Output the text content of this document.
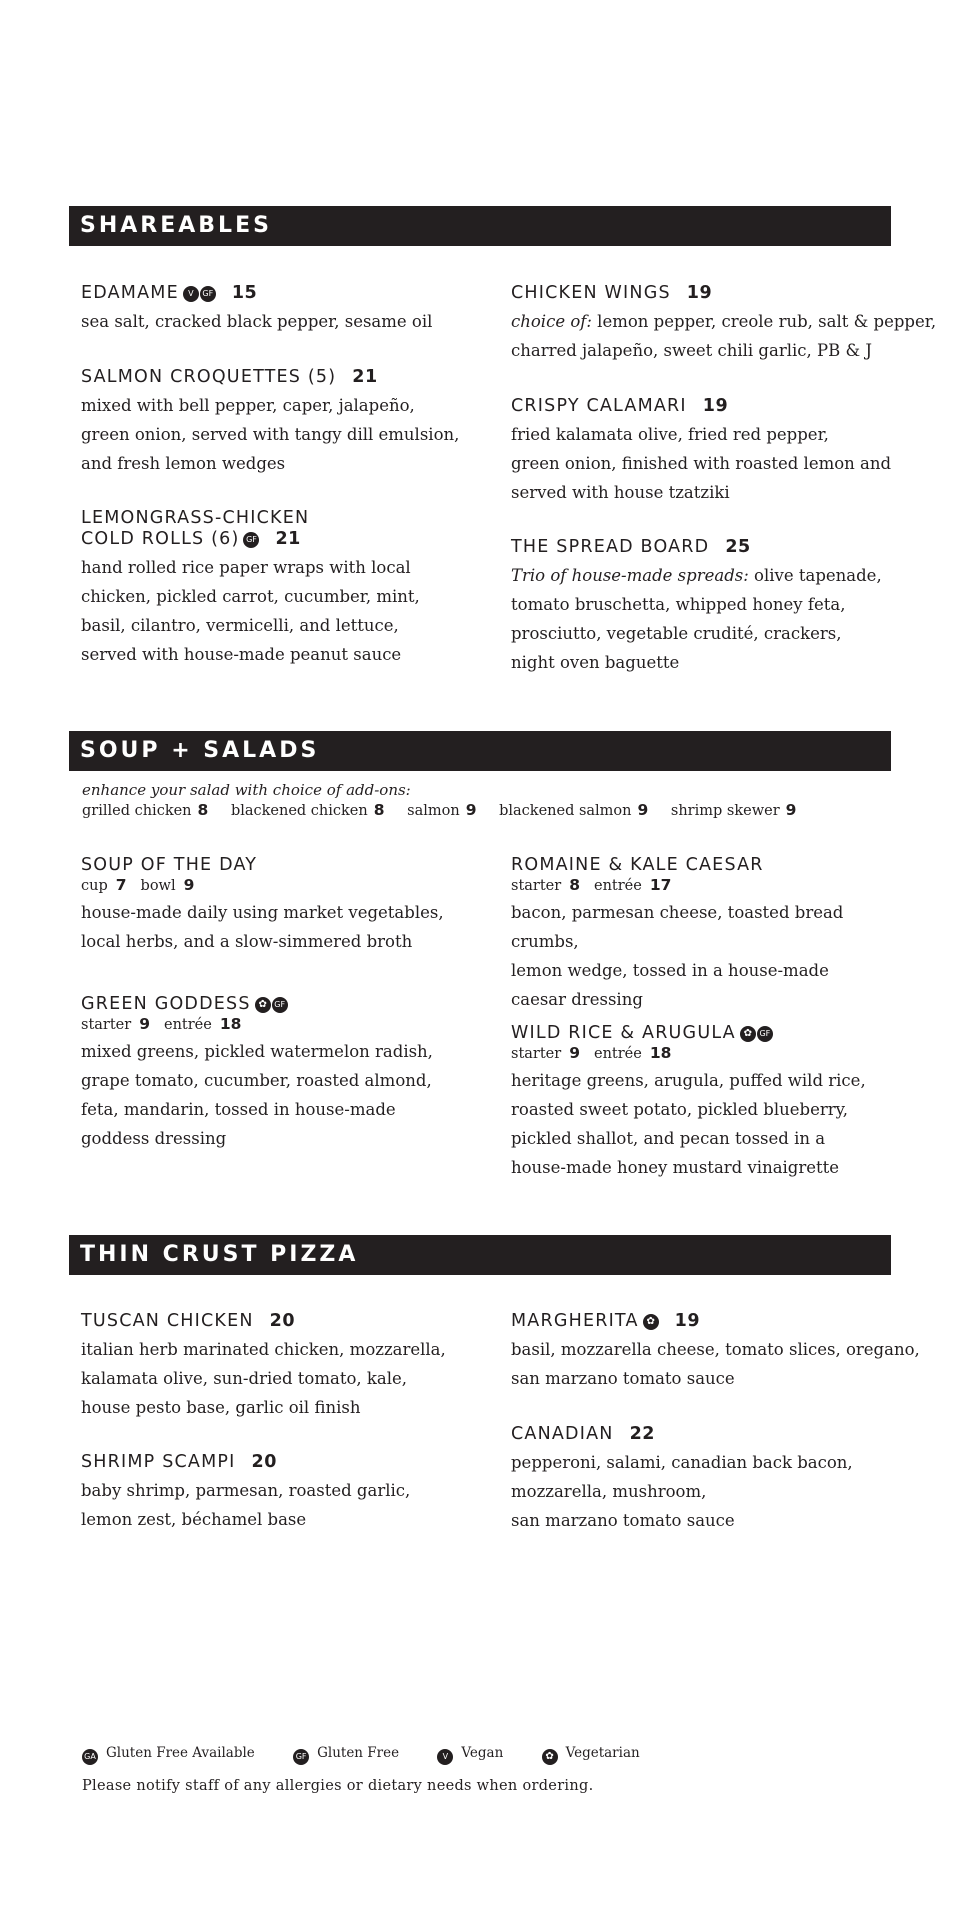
SHAREABLES
EDAMAME V GF 15
sea salt, cracked black pepper, sesame oil
SALMON CROQUETTES (5) 21
mixed with bell pepper, caper, jalapeño,
green onion, served with tangy dill emulsion,
and fresh lemon wedges
LEMONGRASS-CHICKEN
COLD ROLLS (6) GF 21
hand rolled rice paper wraps with local
chicken, pickled carrot, cucumber, mint,
basil, cilantro, vermicelli, and lettuce,
served with house-made peanut sauce
CHICKEN WINGS 19
choice of: lemon pepper, creole rub, salt & pepper,
charred jalapeño, sweet chili garlic, PB & J
CRISPY CALAMARI 19
fried kalamata olive, fried red pepper,
green onion, finished with roasted lemon and
served with house tzatziki
THE SPREAD BOARD 25
Trio of house-made spreads: olive tapenade,
tomato bruschetta, whipped honey feta,
prosciutto, vegetable crudité, crackers,
night oven baguette
SOUP + SALADS
enhance your salad with choice of add-ons:
grilled chicken 8 blackened chicken 8 salmon 9 blackened salmon 9 shrimp skewer 9
SOUP OF THE DAY
cup 7 bowl 9
house-made daily using market vegetables,
local herbs, and a slow-simmered broth
GREEN GODDESS ✿ GF
starter 9 entrée 18
mixed greens, pickled watermelon radish,
grape tomato, cucumber, roasted almond,
feta, mandarin, tossed in house-made
goddess dressing
ROMAINE & KALE CAESAR
starter 8 entrée 17
bacon, parmesan cheese, toasted bread crumbs,
lemon wedge, tossed in a house-made
caesar dressing
WILD RICE & ARUGULA ✿ GF
starter 9 entrée 18
heritage greens, arugula, puffed wild rice,
roasted sweet potato, pickled blueberry,
pickled shallot, and pecan tossed in a
house-made honey mustard vinaigrette
THIN CRUST PIZZA
TUSCAN CHICKEN 20
italian herb marinated chicken, mozzarella,
kalamata olive, sun-dried tomato, kale,
house pesto base, garlic oil finish
SHRIMP SCAMPI 20
baby shrimp, parmesan, roasted garlic,
lemon zest, béchamel base
MARGHERITA ✿ 19
basil, mozzarella cheese, tomato slices, oregano,
san marzano tomato sauce
CANADIAN 22
pepperoni, salami, canadian back bacon,
mozzarella, mushroom,
san marzano tomato sauce
GA Gluten Free Available	GF Gluten Free	V Vegan	✿ Vegetarian
Please notify staff of any allergies or dietary needs when ordering.
